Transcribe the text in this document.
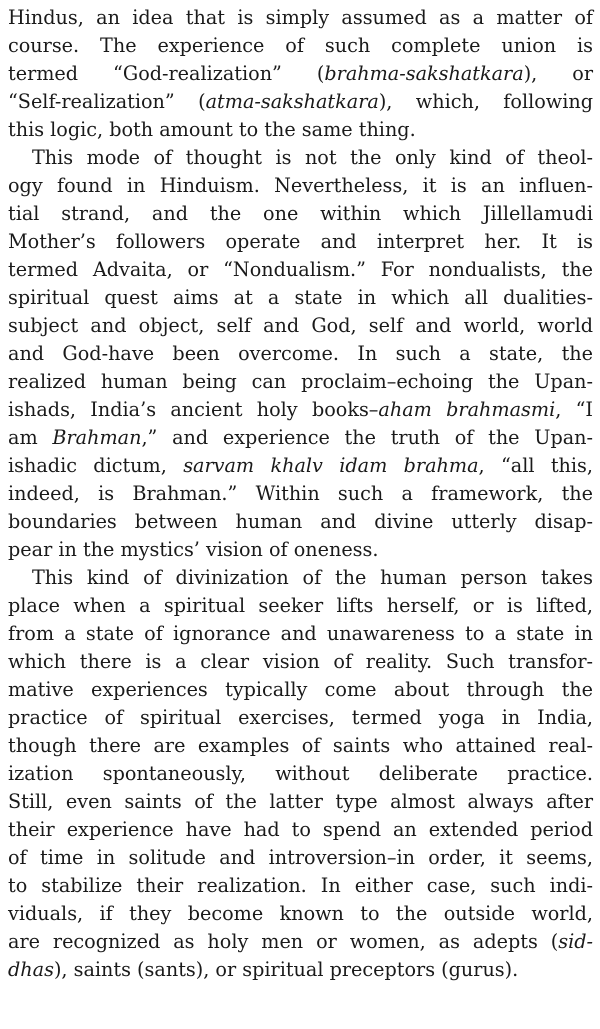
Hindus, an idea that is simply assumed as a matter of
course. The experience of such complete union is
termed “God-realization” (brahma-sakshatkara), or
“Self-realization” (atma-sakshatkara), which, following
this logic, both amount to the same thing.
This mode of thought is not the only kind of theol-
ogy found in Hinduism. Nevertheless, it is an influen-
tial strand, and the one within which Jillellamudi
Mother’s followers operate and interpret her. It is
termed Advaita, or “Nondualism.” For nondualists, the
spiritual quest aims at a state in which all dualities-
subject and object, self and God, self and world, world
and God-have been overcome. In such a state, the
realized human being can proclaim–echoing the Upan-
ishads, India’s ancient holy books–aham brahmasmi, “I
am Brahman,” and experience the truth of the Upan-
ishadic dictum, sarvam khalv idam brahma, “all this,
indeed, is Brahman.” Within such a framework, the
boundaries between human and divine utterly disap-
pear in the mystics’ vision of oneness.
This kind of divinization of the human person takes
place when a spiritual seeker lifts herself, or is lifted,
from a state of ignorance and unawareness to a state in
which there is a clear vision of reality. Such transfor-
mative experiences typically come about through the
practice of spiritual exercises, termed yoga in India,
though there are examples of saints who attained real-
ization spontaneously, without deliberate practice.
Still, even saints of the latter type almost always after
their experience have had to spend an extended period
of time in solitude and introversion–in order, it seems,
to stabilize their realization. In either case, such indi-
viduals, if they become known to the outside world,
are recognized as holy men or women, as adepts (sid-
dhas), saints (sants), or spiritual preceptors (gurus).
